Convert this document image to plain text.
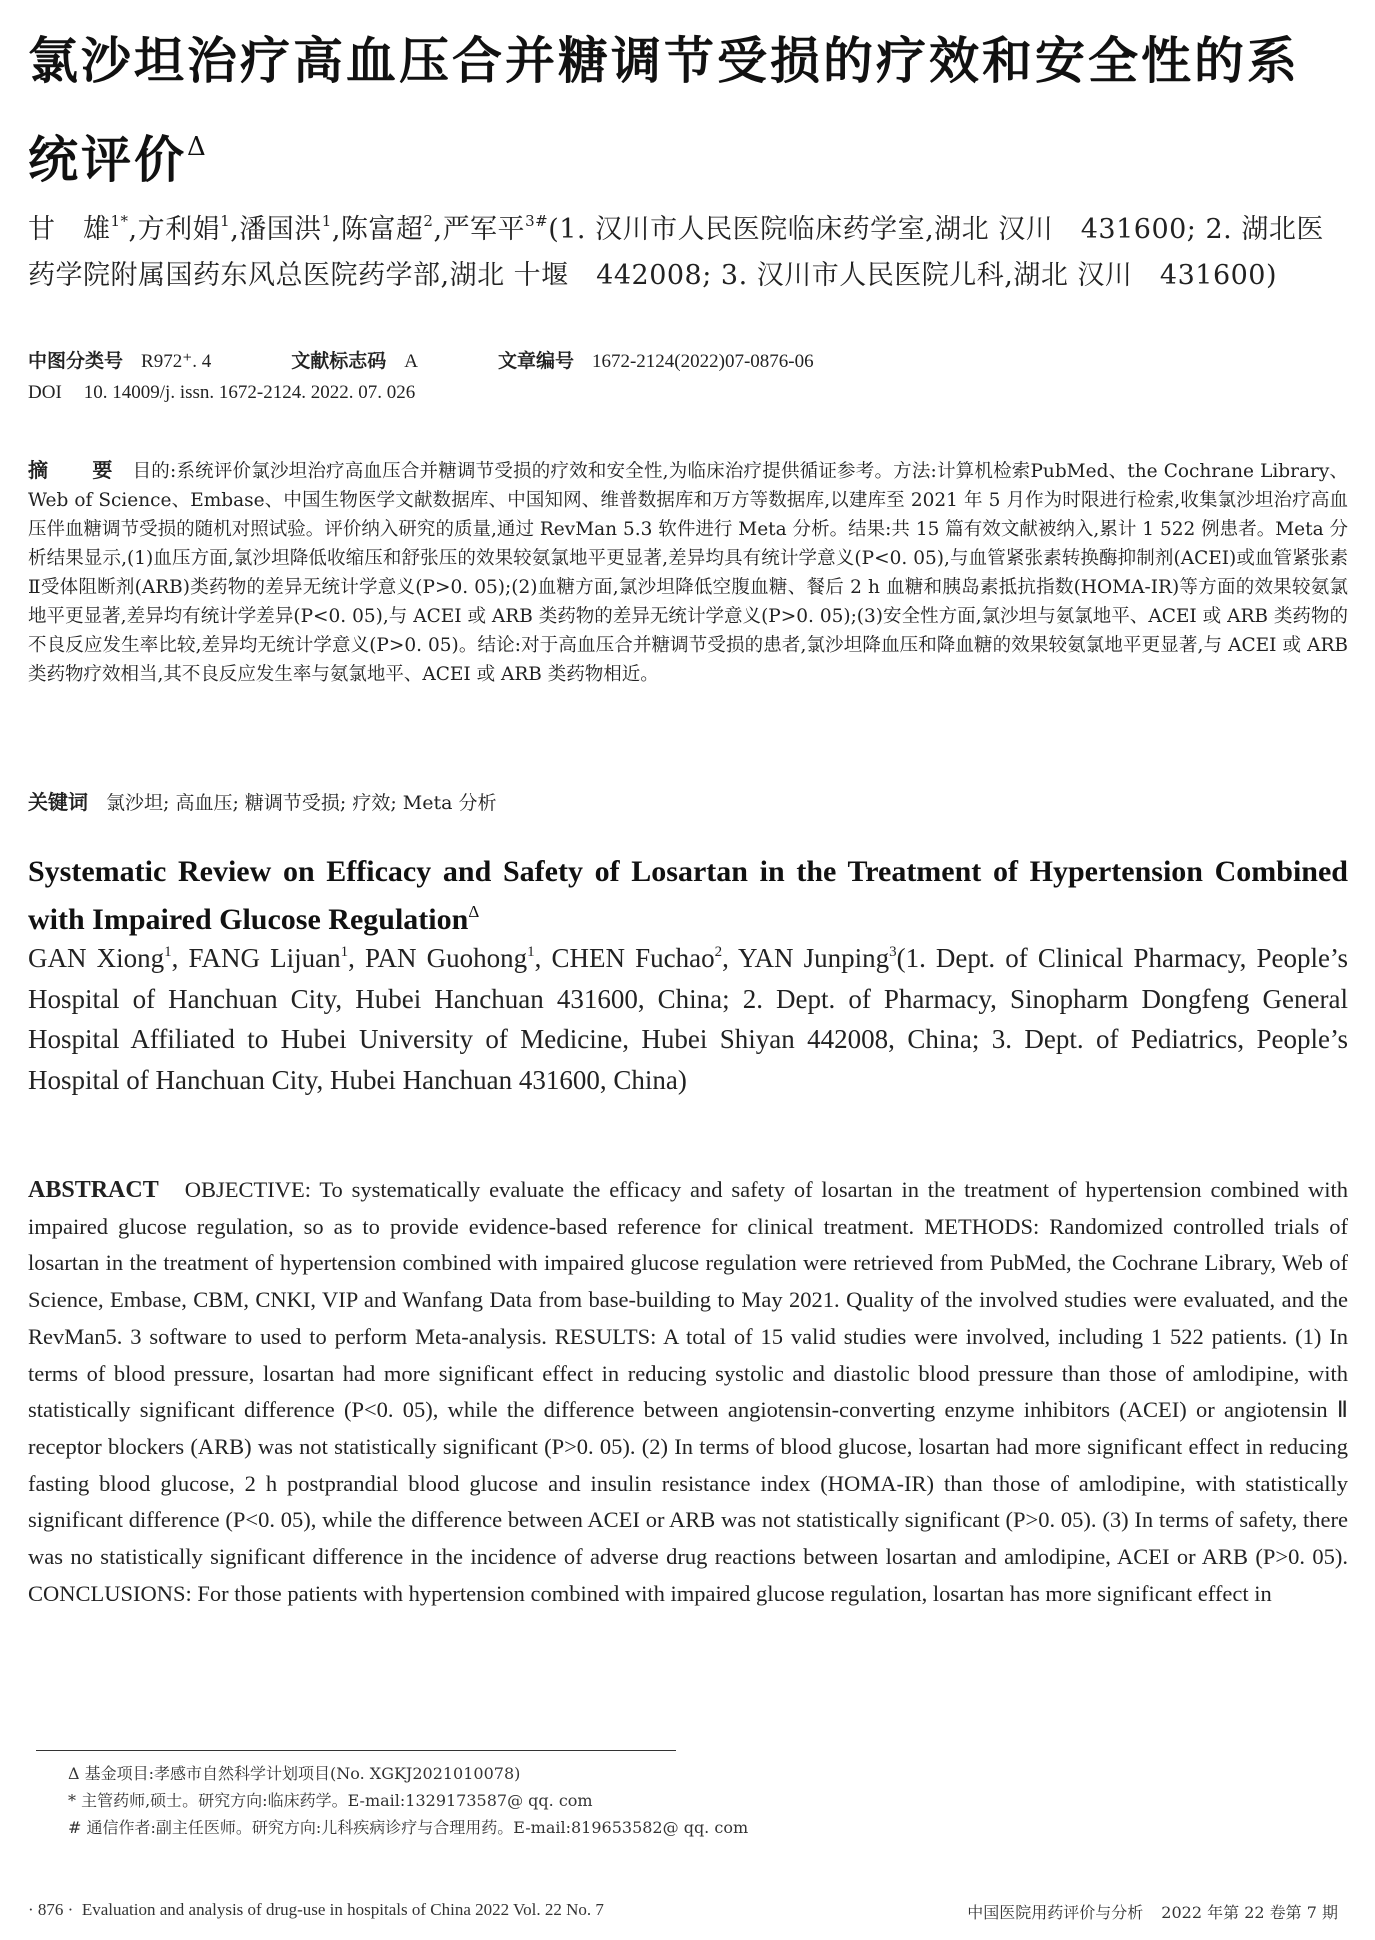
氯沙坦治疗高血压合并糖调节受损的疗效和安全性的系统评价$^\Delta$
甘　雄$^{1*}$,方利娟$^1$,潘国洪$^1$,陈富超$^2$,严军平$^{3\#}$(1. 汉川市人民医院临床药学室,湖北 汉川　431600; 2. 湖北医药学院附属国药东风总医院药学部,湖北 十堰　442008; 3. 汉川市人民医院儿科,湖北 汉川　431600)
中图分类号 R972⁺. 4	文献标志码 A	文章编号 1672-2124(2022)07-0876-06
DOI 10. 14009/j. issn. 1672-2124. 2022. 07. 026
摘　要 目的:系统评价氯沙坦治疗高血压合并糖调节受损的疗效和安全性,为临床治疗提供循证参考。方法:计算机检索PubMed、the Cochrane Library、Web of Science、Embase、中国生物医学文献数据库、中国知网、维普数据库和万方等数据库,以建库至 2021 年 5 月作为时限进行检索,收集氯沙坦治疗高血压伴血糖调节受损的随机对照试验。评价纳入研究的质量,通过 RevMan 5.3 软件进行 Meta 分析。结果:共 15 篇有效文献被纳入,累计 1 522 例患者。Meta 分析结果显示,(1)血压方面,氯沙坦降低收缩压和舒张压的效果较氨氯地平更显著,差异均具有统计学意义(P<0. 05),与血管紧张素转换酶抑制剂(ACEI)或血管紧张素Ⅱ受体阻断剂(ARB)类药物的差异无统计学意义(P>0. 05);(2)血糖方面,氯沙坦降低空腹血糖、餐后 2 h 血糖和胰岛素抵抗指数(HOMA-IR)等方面的效果较氨氯地平更显著,差异均有统计学差异(P<0. 05),与 ACEI 或 ARB 类药物的差异无统计学意义(P>0. 05);(3)安全性方面,氯沙坦与氨氯地平、ACEI 或 ARB 类药物的不良反应发生率比较,差异均无统计学意义(P>0. 05)。结论:对于高血压合并糖调节受损的患者,氯沙坦降血压和降血糖的效果较氨氯地平更显著,与 ACEI 或 ARB 类药物疗效相当,其不良反应发生率与氨氯地平、ACEI 或 ARB 类药物相近。
关键词 氯沙坦; 高血压; 糖调节受损; 疗效; Meta 分析
Systematic Review on Efficacy and Safety of Losartan in the Treatment of Hypertension Combined with Impaired Glucose Regulation$^\Delta$
GAN Xiong$^1$, FANG Lijuan$^1$, PAN Guohong$^1$, CHEN Fuchao$^2$, YAN Junping$^3$(1. Dept. of Clinical Pharmacy, People’s Hospital of Hanchuan City, Hubei Hanchuan 431600, China; 2. Dept. of Pharmacy, Sinopharm Dongfeng General Hospital Affiliated to Hubei University of Medicine, Hubei Shiyan 442008, China; 3. Dept. of Pediatrics, People’s Hospital of Hanchuan City, Hubei Hanchuan 431600, China)
ABSTRACT OBJECTIVE: To systematically evaluate the efficacy and safety of losartan in the treatment of hypertension combined with impaired glucose regulation, so as to provide evidence-based reference for clinical treatment. METHODS: Randomized controlled trials of losartan in the treatment of hypertension combined with impaired glucose regulation were retrieved from PubMed, the Cochrane Library, Web of Science, Embase, CBM, CNKI, VIP and Wanfang Data from base-building to May 2021. Quality of the involved studies were evaluated, and the RevMan5. 3 software to used to perform Meta-analysis. RESULTS: A total of 15 valid studies were involved, including 1 522 patients. (1) In terms of blood pressure, losartan had more significant effect in reducing systolic and diastolic blood pressure than those of amlodipine, with statistically significant difference (P<0. 05), while the difference between angiotensin-converting enzyme inhibitors (ACEI) or angiotensin Ⅱ receptor blockers (ARB) was not statistically significant (P>0. 05). (2) In terms of blood glucose, losartan had more significant effect in reducing fasting blood glucose, 2 h postprandial blood glucose and insulin resistance index (HOMA-IR) than those of amlodipine, with statistically significant difference (P<0. 05), while the difference between ACEI or ARB was not statistically significant (P>0. 05). (3) In terms of safety, there was no statistically significant difference in the incidence of adverse drug reactions between losartan and amlodipine, ACEI or ARB (P>0. 05). CONCLUSIONS: For those patients with hypertension combined with impaired glucose regulation, losartan has more significant effect in
Δ 基金项目:孝感市自然科学计划项目(No. XGKJ2021010078)
* 主管药师,硕士。研究方向:临床药学。E-mail:1329173587@ qq. com
# 通信作者:副主任医师。研究方向:儿科疾病诊疗与合理用药。E-mail:819653582@ qq. com
· 876 · Evaluation and analysis of drug-use in hospitals of China 2022 Vol. 22 No. 7	中国医院用药评价与分析 2022 年第 22 卷第 7 期
